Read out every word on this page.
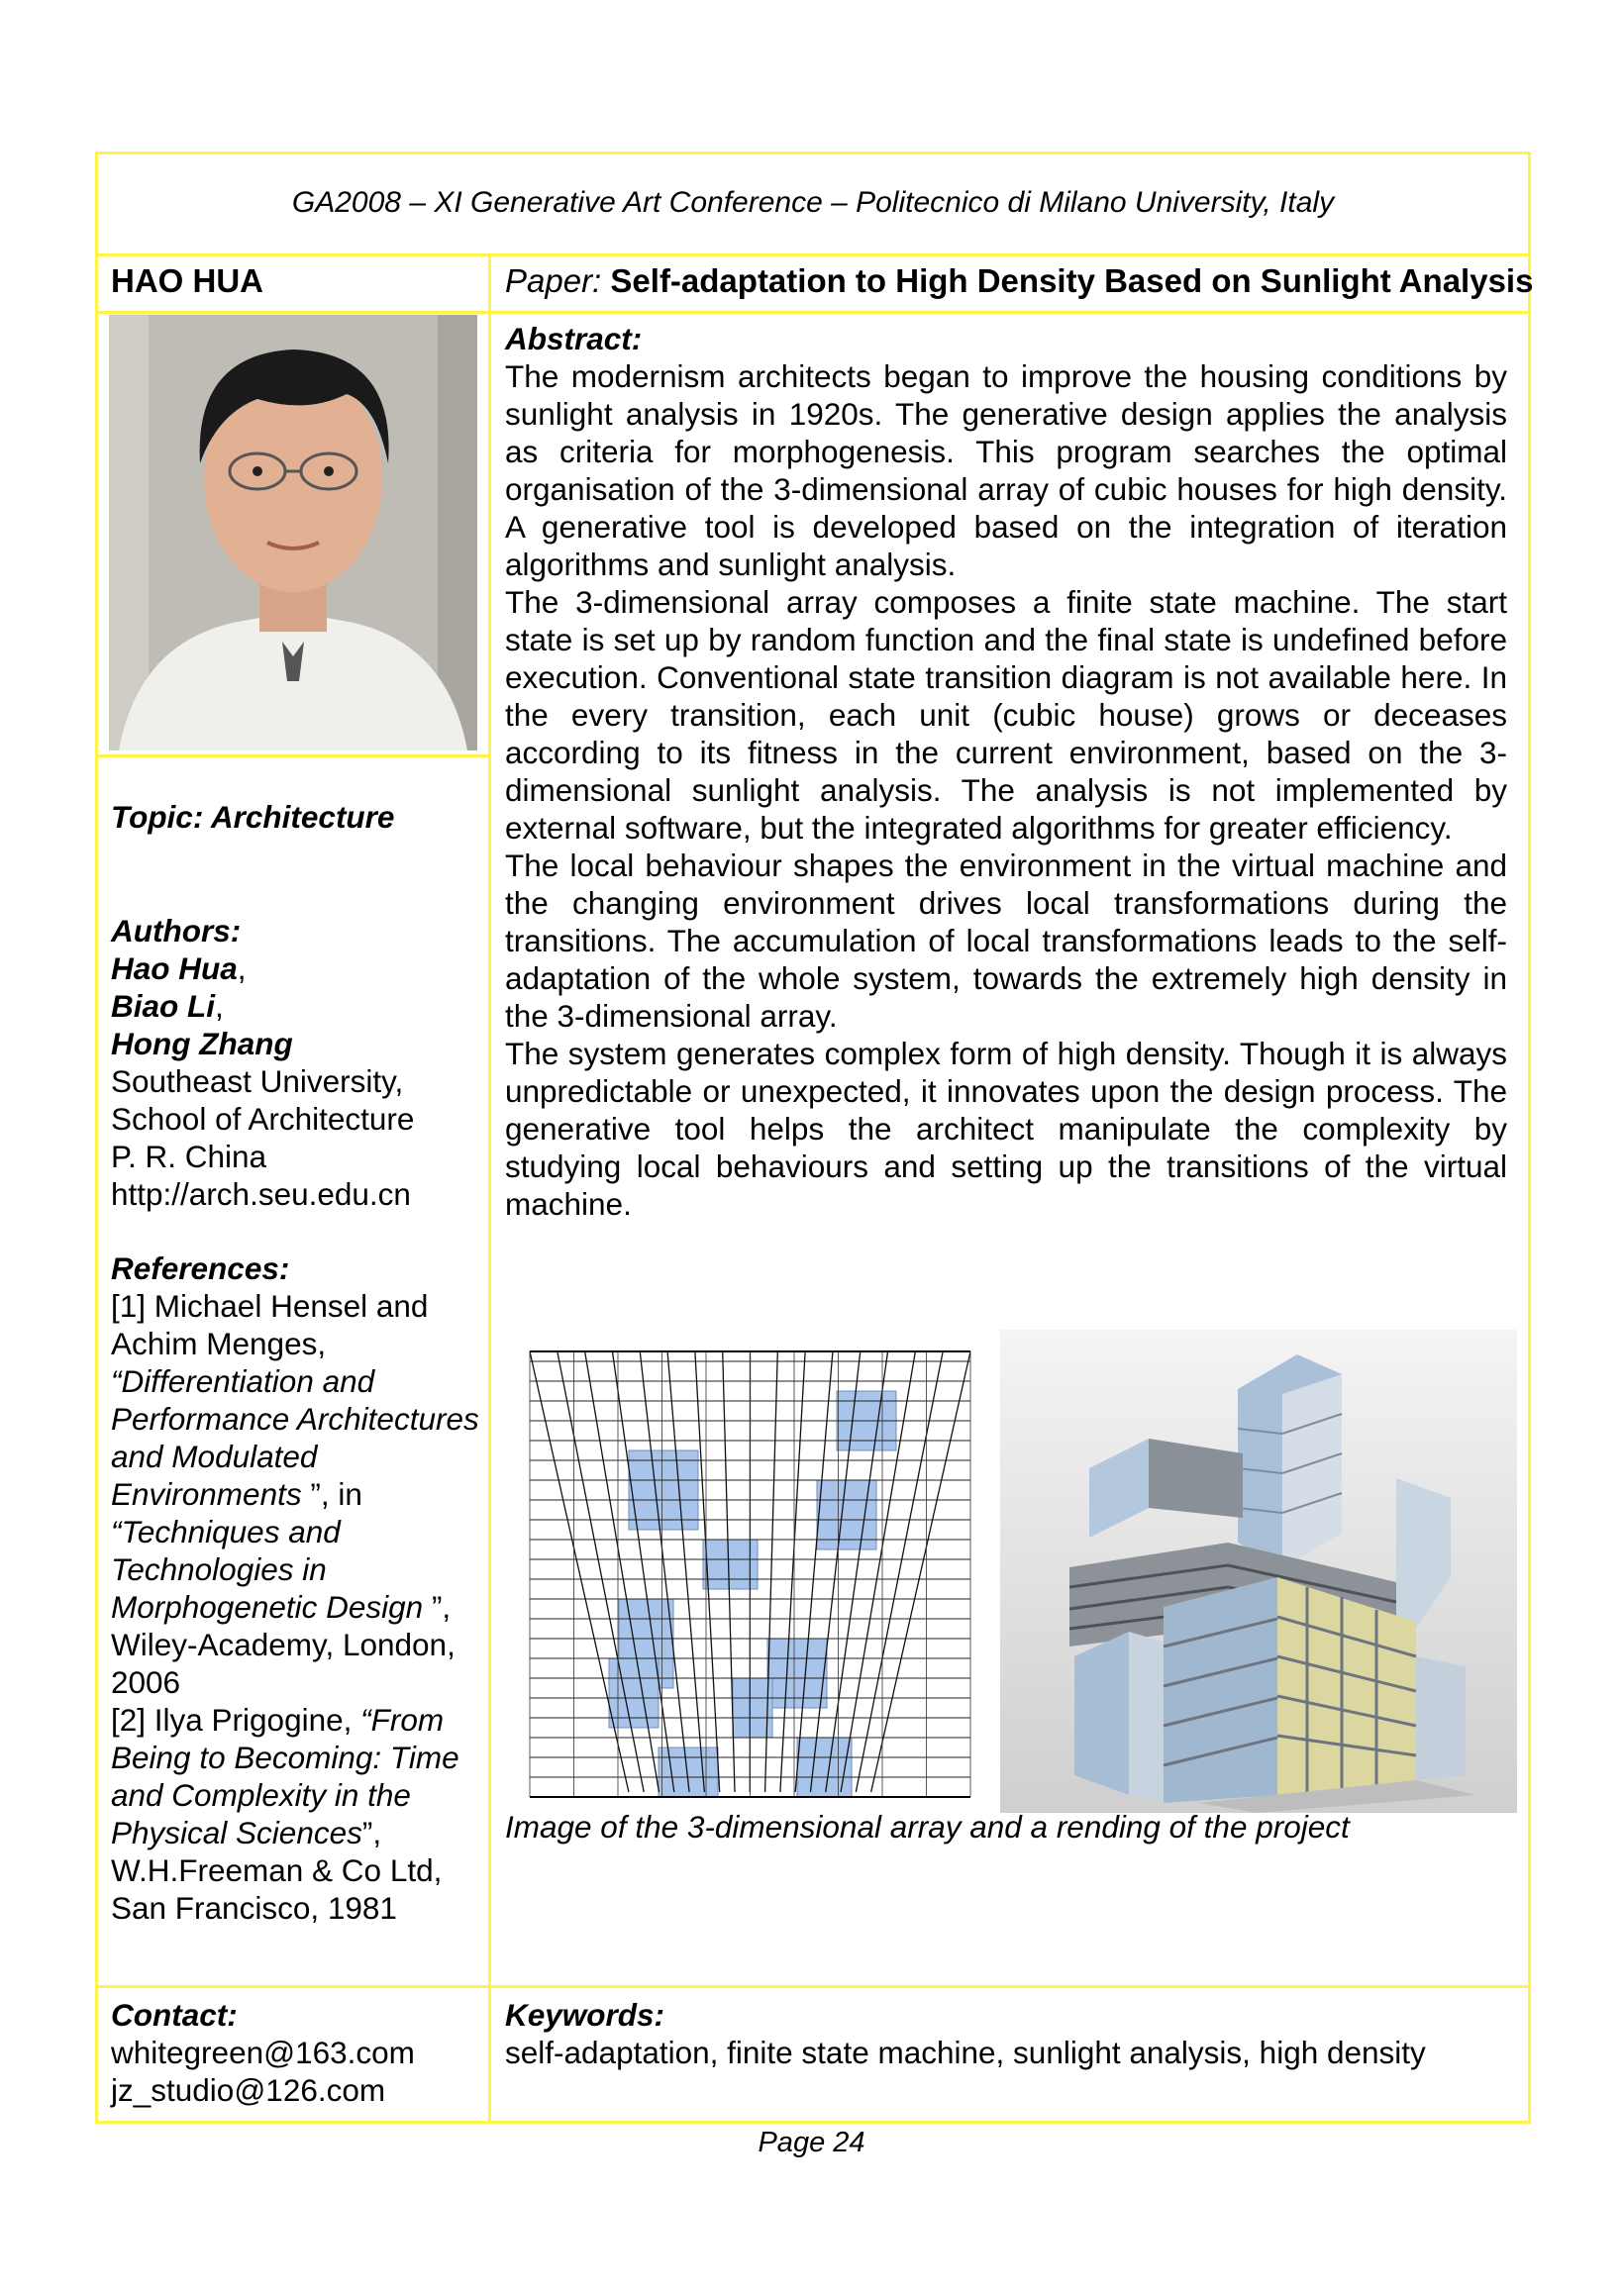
GA2008 – XI Generative Art Conference – Politecnico di Milano University, Italy
HAO HUA	Paper: Self-adaptation to High Density Based on Sunlight Analysis
Topic: Architecture
Authors:
Hao Hua,
Biao Li,
Hong Zhang
Southeast University,
School of Architecture
P. R. China
http://arch.seu.edu.cn
References:
[1] Michael Hensel and Achim Menges, “Differentiation and Performance Architectures and Modulated Environments ”, in “Techniques and Technologies in Morphogenetic Design ”, Wiley-Academy, London, 2006
[2] Ilya Prigogine, “From Being to Becoming: Time and Complexity in the Physical Sciences”, W.H.Freeman & Co Ltd, San Francisco, 1981
Abstract:

The modernism architects began to improve the housing conditions by sunlight analysis in 1920s. The generative design applies the analysis as criteria for morphogenesis. This program searches the optimal organisation of the 3-dimensional array of cubic houses for high density. A generative tool is developed based on the integration of iteration algorithms and sunlight analysis.

The 3-dimensional array composes a finite state machine. The start state is set up by random function and the final state is undefined before execution. Conventional state transition diagram is not available here. In the every transition, each unit (cubic house) grows or deceases according to its fitness in the current environment, based on the 3-dimensional sunlight analysis. The analysis is not implemented by external software, but the integrated algorithms for greater efficiency.

The local behaviour shapes the environment in the virtual machine and the changing environment drives local transformations during the transitions. The accumulation of local transformations leads to the self-adaptation of the whole system, towards the extremely high density in the 3-dimensional array.

The system generates complex form of high density. Though it is always unpredictable or unexpected, it innovates upon the design process. The generative tool helps the architect manipulate the complexity by studying local behaviours and setting up the transitions of the virtual machine.

Image of the 3-dimensional array and a rending of the project
Contact:
whitegreen@163.com
jz_studio@126.com
Keywords:
self-adaptation, finite state machine, sunlight analysis, high density
Page 24
